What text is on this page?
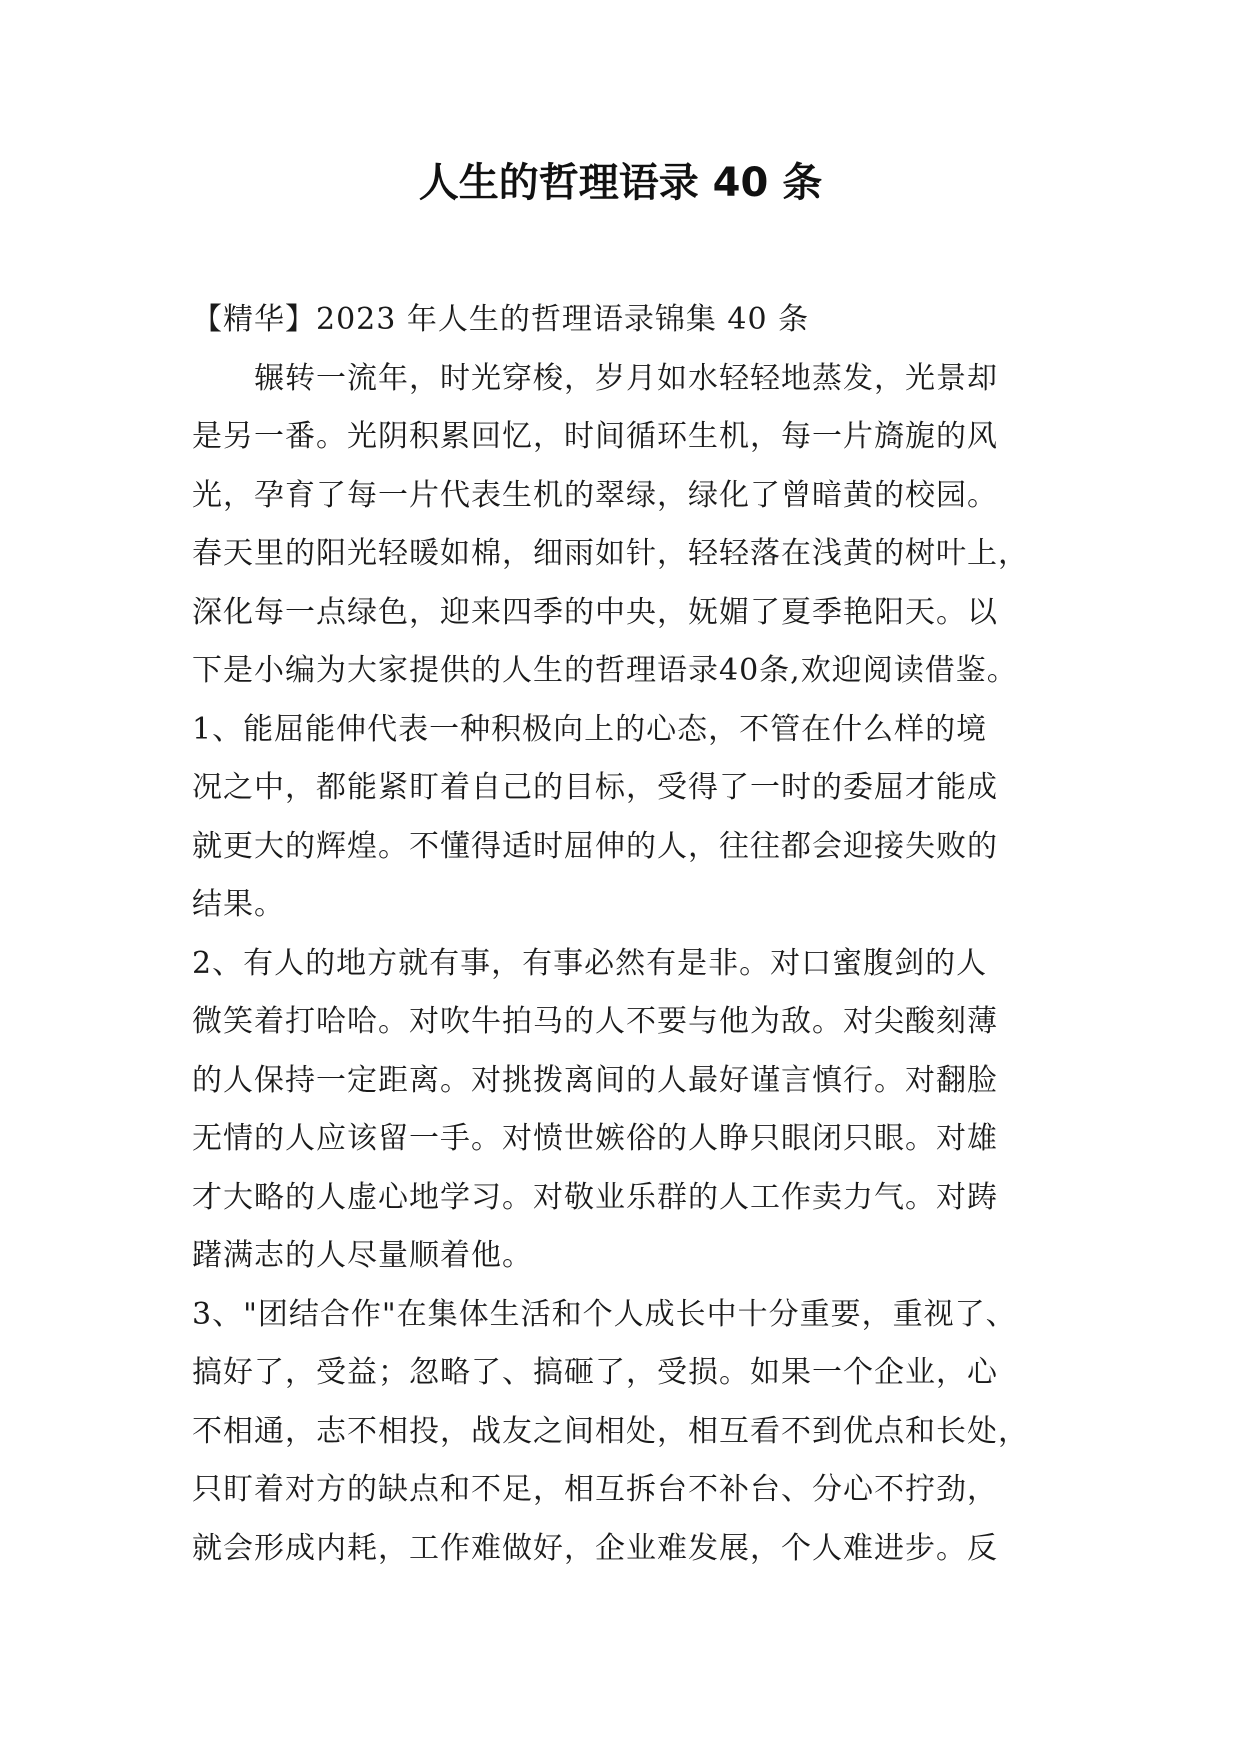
人生的哲理语录 40 条
【精华】2023 年人生的哲理语录锦集 40 条
辗转一流年，时光穿梭，岁月如水轻轻地蒸发，光景却
是另一番。光阴积累回忆，时间循环生机，每一片旖旎的风
光，孕育了每一片代表生机的翠绿，绿化了曾暗黄的校园。
春天里的阳光轻暖如棉，细雨如针，轻轻落在浅黄的树叶上，
深化每一点绿色，迎来四季的中央，妩媚了夏季艳阳天。以
下是小编为大家提供的人生的哲理语录40条,欢迎阅读借鉴。
1、能屈能伸代表一种积极向上的心态，不管在什么样的境
况之中，都能紧盯着自己的目标，受得了一时的委屈才能成
就更大的辉煌。不懂得适时屈伸的人，往往都会迎接失败的
结果。
2、有人的地方就有事，有事必然有是非。对口蜜腹剑的人
微笑着打哈哈。对吹牛拍马的人不要与他为敌。对尖酸刻薄
的人保持一定距离。对挑拨离间的人最好谨言慎行。对翻脸
无情的人应该留一手。对愤世嫉俗的人睁只眼闭只眼。对雄
才大略的人虚心地学习。对敬业乐群的人工作卖力气。对踌
躇满志的人尽量顺着他。
3、"团结合作"在集体生活和个人成长中十分重要，重视了、
搞好了，受益；忽略了、搞砸了，受损。如果一个企业，心
不相通，志不相投，战友之间相处，相互看不到优点和长处，
只盯着对方的缺点和不足，相互拆台不补台、分心不拧劲，
就会形成内耗，工作难做好，企业难发展，个人难进步。反
